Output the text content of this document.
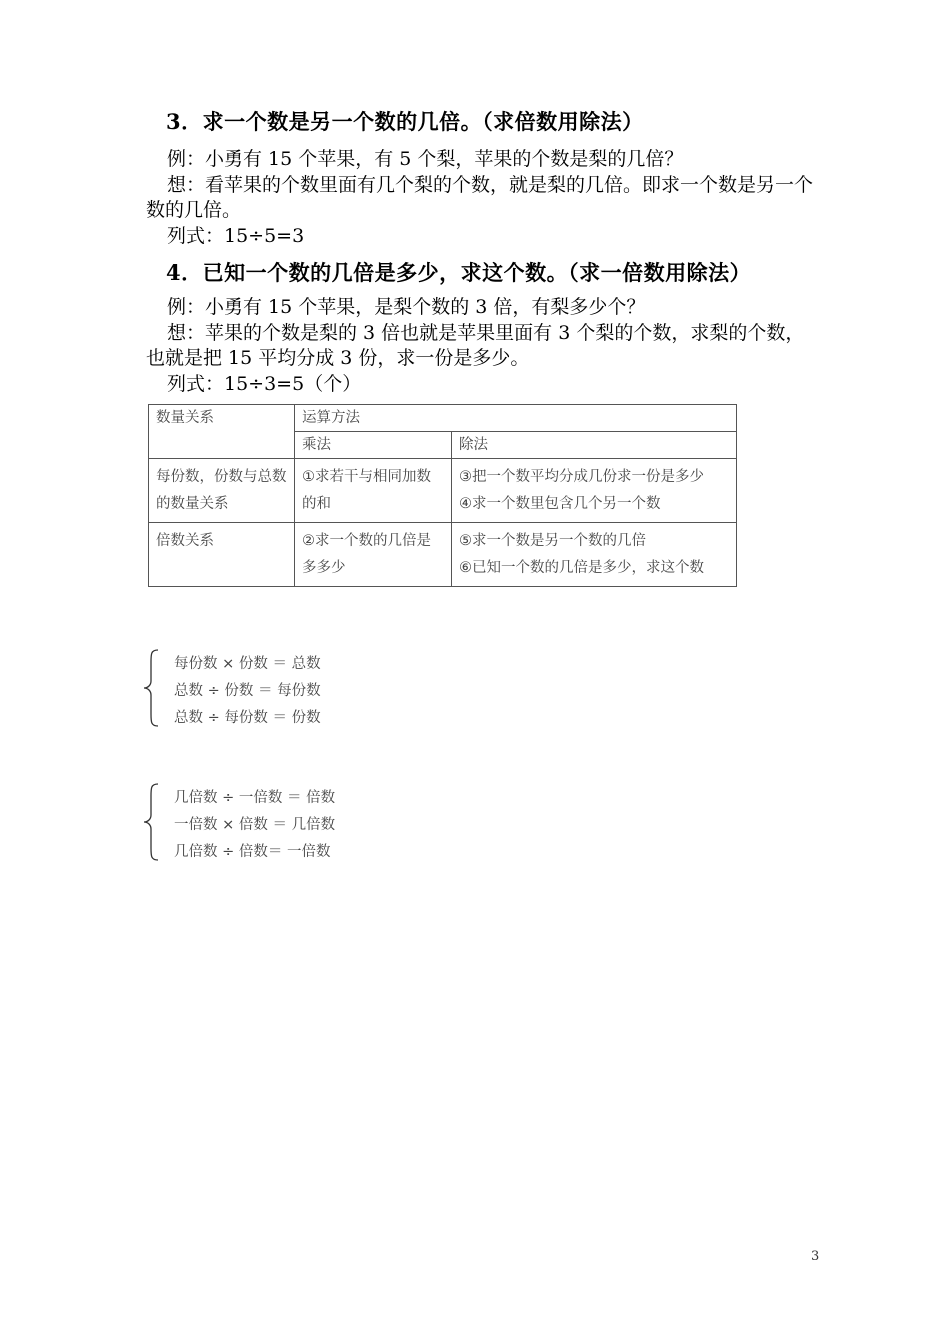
3．求一个数是另一个数的几倍。（求倍数用除法）

例：小勇有 15 个苹果，有 5 个梨，苹果的个数是梨的几倍？

想：看苹果的个数里面有几个梨的个数，就是梨的几倍。即求一个数是另一个数的几倍。

列式：15÷5=3

4．已知一个数的几倍是多少，求这个数。（求一倍数用除法）

例：小勇有 15 个苹果，是梨个数的 3 倍，有梨多少个？

想：苹果的个数是梨的 3 倍也就是苹果里面有 3 个梨的个数，求梨的个数，也就是把 15 平均分成 3 份，求一份是多少。

列式：15÷3=5（个）

数量关系	运算方法	
	乘法	除法
每份数，份数与总数的数量关系	①求若干与相同加数的和	③把一个数平均分成几份求一份是多少
④求一个数里包含几个另一个数

倍数关系	②求一个数的几倍是多多少	⑤求一个数是另一个数的几倍
⑥已知一个数的几倍是多少，求这个数
每份数 × 份数 ＝ 总数
总数 ÷ 份数 ＝ 每份数
总数 ÷ 每份数 ＝ 份数
几倍数 ÷ 一倍数 ＝ 倍数
一倍数 × 倍数 ＝ 几倍数
几倍数 ÷ 倍数＝ 一倍数
3
